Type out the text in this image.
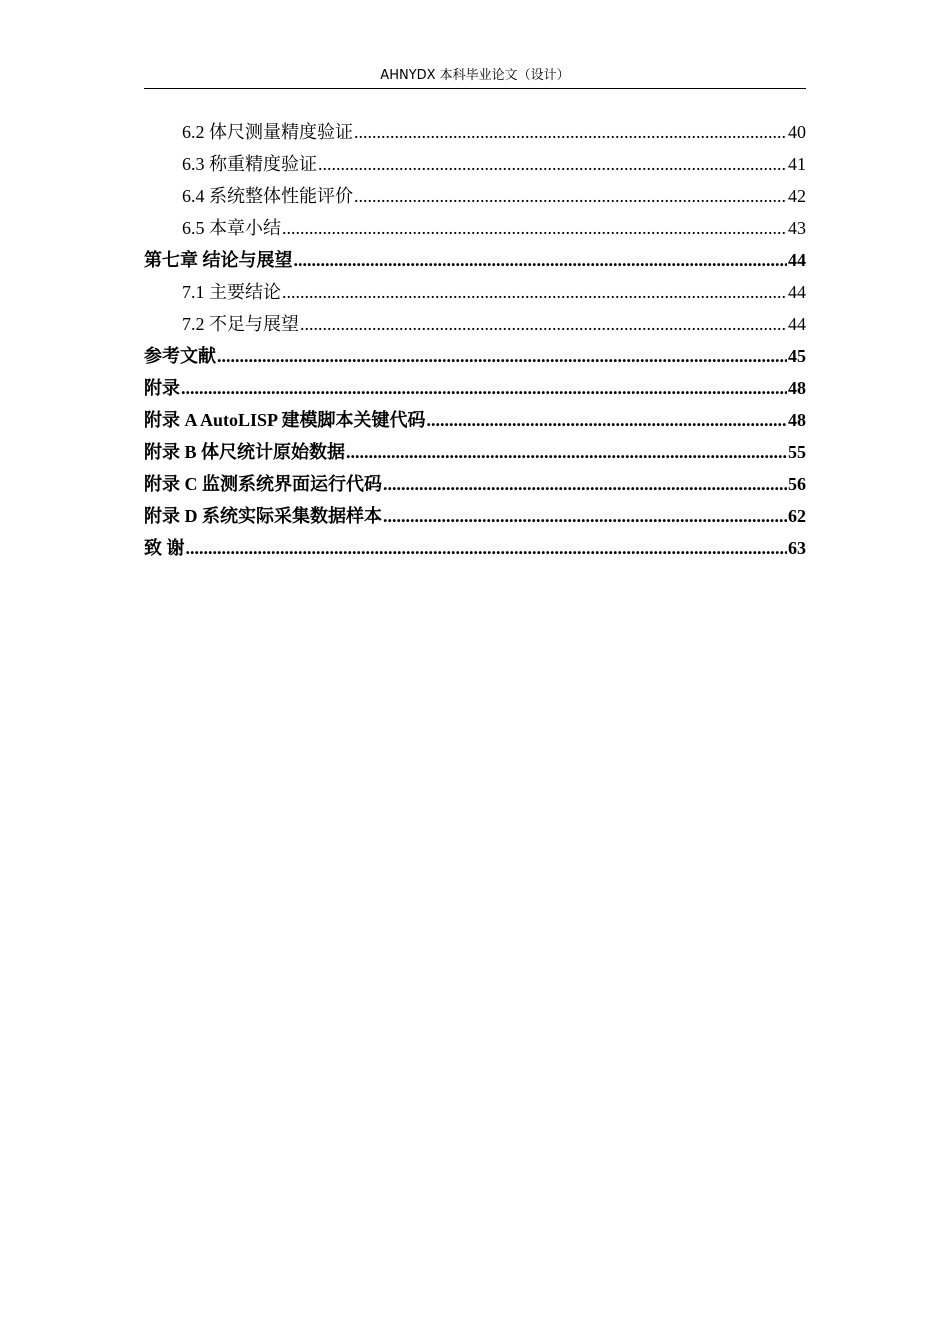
AHNYDX 本科毕业论文（设计）
6.2 体尺测量精度验证 .....	40
6.3 称重精度验证 .....	41
6.4 系统整体性能评价 .....	42
6.5 本章小结 .....	43
第七章 结论与展望 .....	44
7.1 主要结论 .....	44
7.2 不足与展望 .....	44
参考文献 .....	45
附录 .....	48
附录 A AutoLISP 建模脚本关键代码 .....	48
附录 B 体尺统计原始数据 .....	55
附录 C 监测系统界面运行代码 .....	56
附录 D 系统实际采集数据样本 .....	62
致 谢 .....	63
